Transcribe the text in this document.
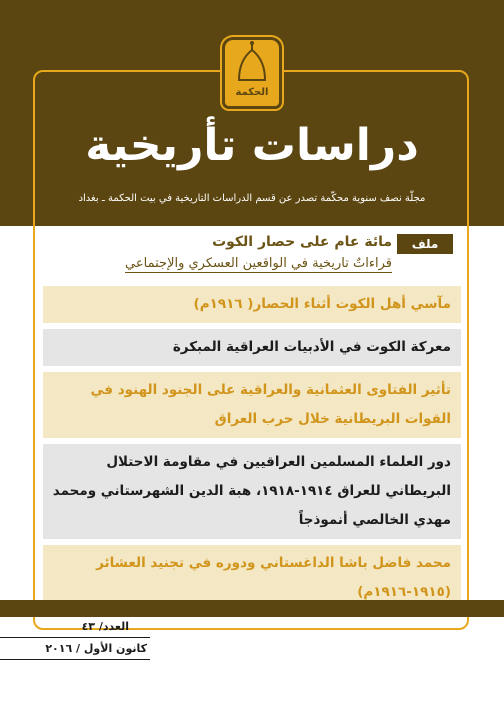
الحكمة
دراسات تأريخية
مجلّة نصف سنوية محكّمة تصدر عن قسم الدراسات التاريخية في بيت الحكمة ـ بغداد
ملف العدد
مائة عام على حصار الكوت
قراءاتٌ تاريخية في الواقعين العسكري والإجتماعي
مآسي أهل الكوت أثناء الحصار( ١٩١٦م)
معركة الكوت في الأدبيات العراقية المبكرة
تأثير الفتاوى العثمانية والعراقية على الجنود الهنود في القوات البريطانية خلال حرب العراق
دور العلماء المسلمين العراقيين في مقاومة الاحتلال البريطاني للعراق ١٩١٤-١٩١٨، هبة الدين الشهرستاني ومحمد مهدي الخالصي أنموذجاً
محمد فاضل باشا الداغستاني ودوره في تجنيد العشائر (١٩١٥-١٩١٦م)
العدد/ ٤٣
كانون الأول / ٢٠١٦
